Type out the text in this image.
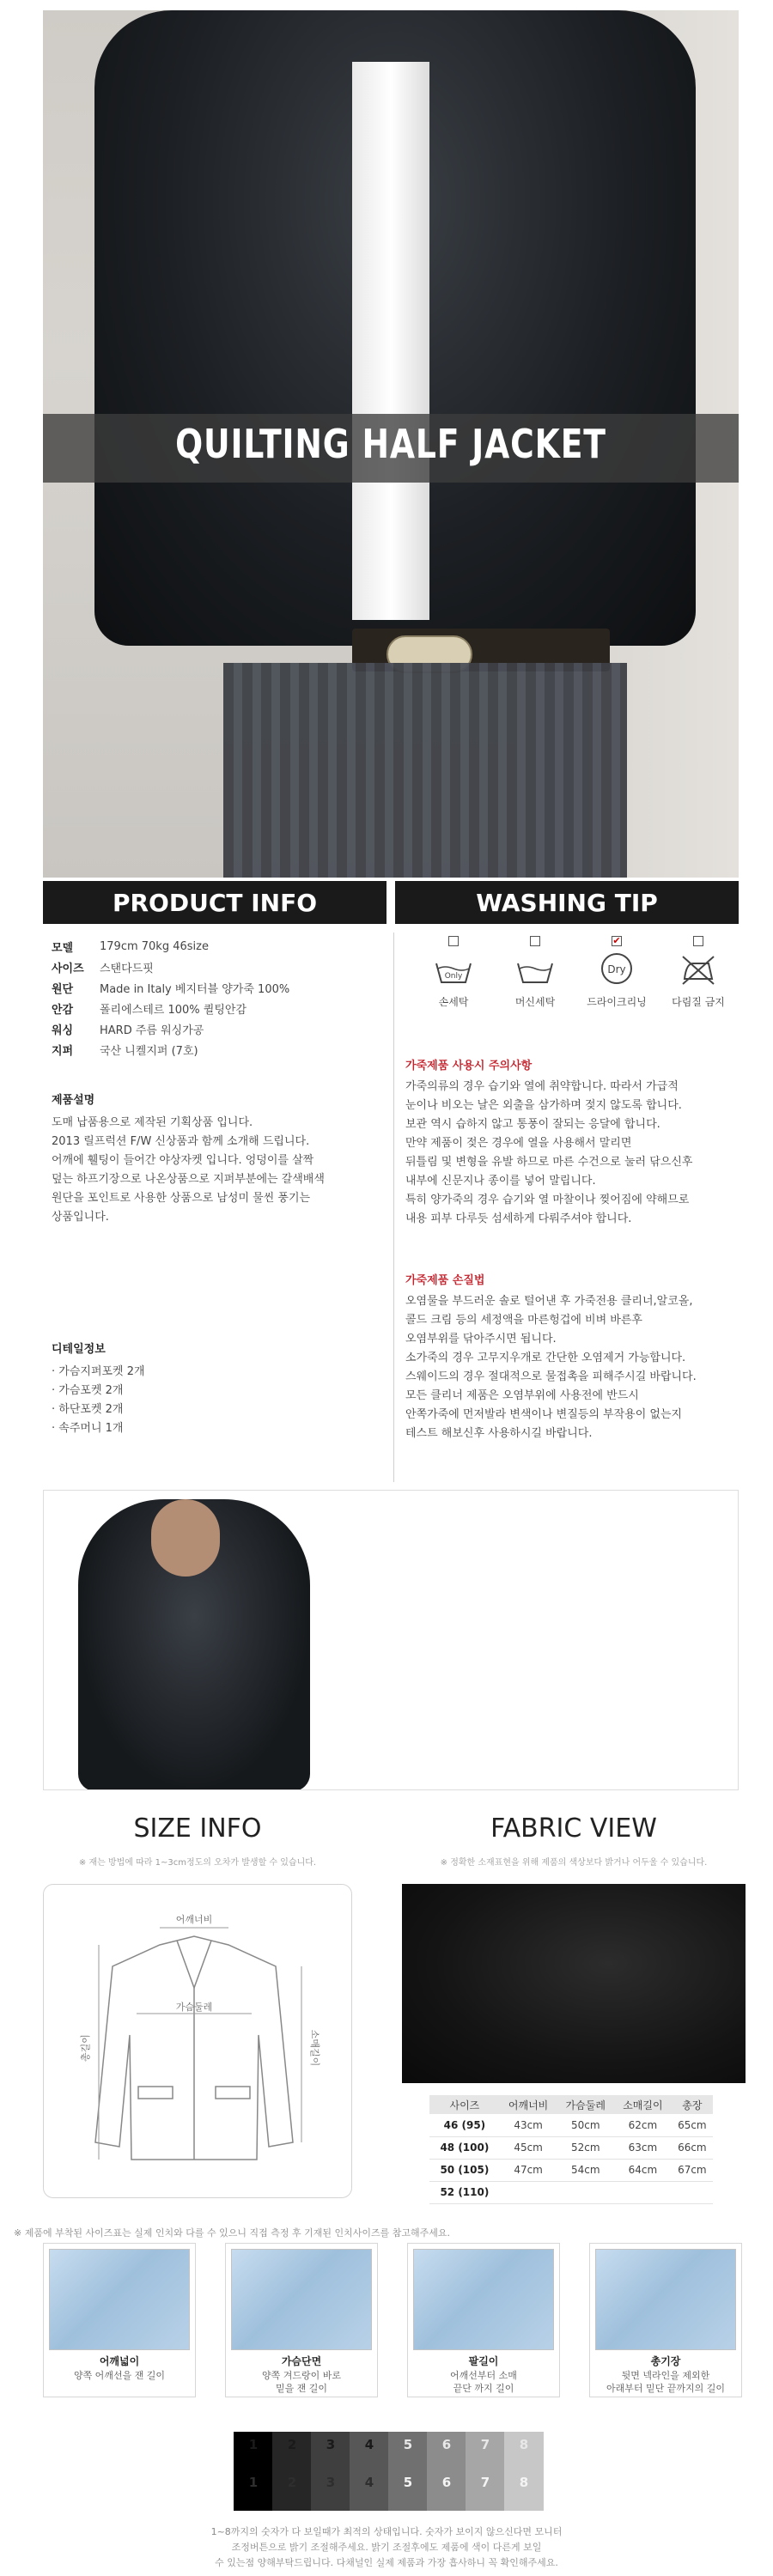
QUILTING HALF JACKET
PRODUCT INFO	WASHING TIP
모델	179cm 70kg 46size
사이즈	스탠다드핏
원단	Made in Italy 베지터블 양가죽 100%
안감	폴리에스테르 100% 퀼팅안감
워싱	HARD 주름 워싱가공
지퍼	국산 니켈지퍼 (7호)
제품설명
도매 납품용으로 제작된 기획상품 입니다.
2013 릴프럭션 F/W 신상품과 함께 소개해 드립니다.
어깨에 휄팅이 들어간 야상자켓 입니다. 엉덩이를 살짝
덮는 하프기장으로 나온상품으로 지퍼부분에는 갈색배색
원단을 포인트로 사용한 상품으로 남성미 물씬 풍기는
상품입니다.
디테일정보
· 가슴지퍼포켓 2개
· 가슴포켓 2개
· 하단포켓 2개
· 속주머니 1개
Only
손세탁	머신세탁
✔
Dry
드라이크리닝	다림질 금지
가죽제품 사용시 주의사항
가죽의류의 경우 습기와 열에 취약합니다. 따라서 가급적
눈이나 비오는 날은 외출을 삼가하며 젖지 않도록 합니다.
보관 역시 습하지 않고 통풍이 잘되는 응달에 합니다.
만약 제품이 젖은 경우에 열을 사용해서 말리면
뒤틀림 및 변형을 유발 하므로 마른 수건으로 눌러 닦으신후
내부에 신문지나 종이를 넣어 말립니다.
특히 양가죽의 경우 습기와 열 마찰이나 찢어짐에 약해므로
내용 피부 다루듯 섬세하게 다뤄주셔야 합니다.
가죽제품 손질법
오염물을 부드러운 솔로 털어낸 후 가죽전용 클리너,알코올,
콜드 크림 등의 세정액을 마른헝겁에 비벼 바른후
오염부위를 닦아주시면 됩니다.
소가죽의 경우 고무지우개로 간단한 오염제거 가능합니다.
스웨이드의 경우 절대적으로 물접촉을 피해주시길 바랍니다.
모든 클리너 제품은 오염부위에 사용전에 반드시
안쪽가죽에 먼저발라 변색이나 변질등의 부작용이 없는지
테스트 해보신후 사용하시길 바랍니다.
SIZE INFO
※ 재는 방법에 따라 1~3cm정도의 오차가 발생할 수 있습니다.
FABRIC VIEW
※ 정확한 소재표현을 위해 제품의 색상보다 밝거나 어두울 수 있습니다.
어깨너비
가슴둘레
총길이	소매길이
사이즈	어깨너비	가슴둘레	소매길이	총장
46 (95)	43cm	50cm	62cm	65cm
48 (100)	45cm	52cm	63cm	66cm
50 (105)	47cm	54cm	64cm	67cm
52 (110)				
※ 제품에 부착된 사이즈표는 실제 인치와 다를 수 있으니 직접 측정 후 기재된 인치사이즈를 참고해주세요.
어깨넓이
양쪽 어깨선을 잰 길이
가슴단면
양쪽 겨드랑이 바로
밑을 잰 길이
팔길이
어깨선부터 소매
끝단 까지 길이
총기장
뒷면 넥라인을 제외한
아래부터 밑단 끝까지의 길이
1
1
2
2
3
3
4
4
5
5
6
6
7
7
8
8
1~8까지의 숫자가 다 보일때가 최적의 상태입니다. 숫자가 보이지 않으신다면 모니터
조정버튼으로 밝기 조절해주세요. 밝기 조절후에도 제품에 색이 다른게 보일
수 있는점 양해부탁드립니다. 다채널인 실제 제품과 가장 흡사하니 꼭 확인해주세요.
